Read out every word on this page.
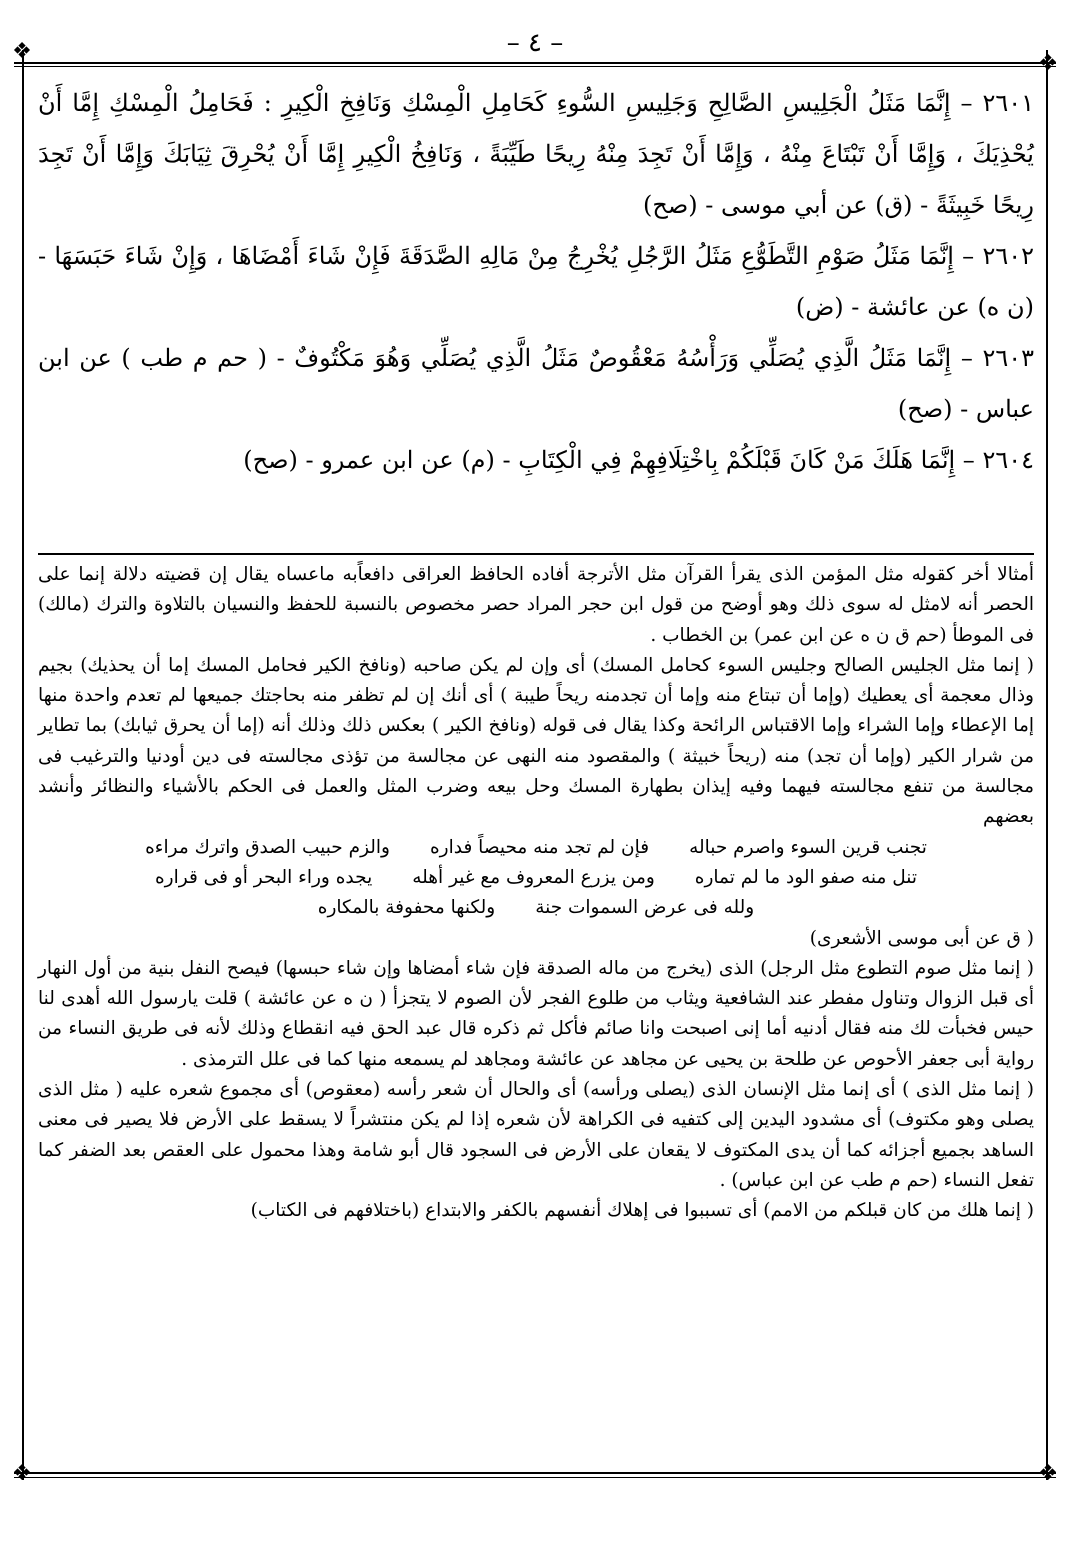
❖	❖
❖	❖
– ٤ –

٢٦٠١ – إِنَّمَا مَثَلُ الْجَلِيسِ الصَّالِحِ وَجَلِيسِ السُّوءِ كَحَامِلِ الْمِسْكِ وَنَافِخِ الْكِيرِ : فَحَامِلُ الْمِسْكِ إِمَّا أَنْ يُحْذِيَكَ ، وَإِمَّا أَنْ تَبْتَاعَ مِنْهُ ، وَإِمَّا أَنْ تَجِدَ مِنْهُ رِيحًا طَيِّبَةً ، وَنَافِخُ الْكِيرِ إِمَّا أَنْ يُحْرِقَ ثِيَابَكَ وَإِمَّا أَنْ تَجِدَ رِيحًا خَبِيثَةً - (ق) عن أبي موسى - (صح)

٢٦٠٢ – إِنَّمَا مَثَلُ صَوْمِ التَّطَوُّعِ مَثَلُ الرَّجُلِ يُخْرِجُ مِنْ مَالِهِ الصَّدَقَةَ فَإِنْ شَاءَ أَمْضَاهَا ، وَإِنْ شَاءَ حَبَسَهَا - (ن ه) عن عائشة - (ض)

٢٦٠٣ – إِنَّمَا مَثَلُ الَّذِي يُصَلِّي وَرَأْسُهُ مَعْقُوصٌ مَثَلُ الَّذِي يُصَلِّي وَهُوَ مَكْتُوفٌ - ( حم م طب ) عن ابن عباس - (صح)

٢٦٠٤ – إِنَّمَا هَلَكَ مَنْ كَانَ قَبْلَكُمْ بِاخْتِلَافِهِمْ فِي الْكِتَابِ - (م) عن ابن عمرو - (صح)

أمثالا أخر كقوله مثل المؤمن الذى يقرأ القرآن مثل الأترجة أفاده الحافظ العراقى دافعاًبه ماعساه يقال إن قضيته دلالة إنما على الحصر أنه لامثل له سوى ذلك وهو أوضح من قول ابن حجر المراد حصر مخصوص بالنسبة للحفظ والنسيان بالتلاوة والترك (مالك) فى الموطأ (حم ق ن ه عن ابن عمر) بن الخطاب .

( إنما مثل الجليس الصالح وجليس السوء كحامل المسك) أى وإن لم يكن صاحبه (ونافخ الكير فحامل المسك إما أن يحذيك) بجيم وذال معجمة أى يعطيك (وإما أن تبتاع منه وإما أن تجدمنه ريحاً طيبة ) أى أنك إن لم تظفر منه بحاجتك جميعها لم تعدم واحدة منها إما الإعطاء وإما الشراء وإما الاقتباس الرائحة وكذا يقال فى قوله (ونافخ الكير ) بعكس ذلك وذلك أنه (إما أن يحرق ثيابك) بما تطاير من شرار الكير (وإما أن تجد) منه (ريحاً خبيثة ) والمقصود منه النهى عن مجالسة من تؤذى مجالسته فى دين أودنيا والترغيب فى مجالسة من تنفع مجالسته فيهما وفيه إيذان بطهارة المسك وحل بيعه وضرب المثل والعمل فى الحكم بالأشياء والنظائر وأنشد بعضهم

تجنب قرين السوء واصرم حباله
فإن لم تجد منه محيصاً فداره
والزم حبيب الصدق واترك مراءه
تنل منه صفو الود ما لم تماره
ومن يزرع المعروف مع غير أهله
يجده وراء البحر أو فى قراره
ولله فى عرض السموات جنة
ولكنها محفوفة بالمكاره

( ق عن أبى موسى الأشعرى)

( إنما مثل صوم التطوع مثل الرجل) الذى (يخرج من ماله الصدقة فإن شاء أمضاها وإن شاء حبسها) فيصح النفل بنية من أول النهار أى قبل الزوال وتناول مفطر عند الشافعية ويثاب من طلوع الفجر لأن الصوم لا يتجزأ ( ن ه عن عائشة ) قلت يارسول الله أهدى لنا حيس فخبأت لك منه فقال أدنيه أما إنى اصبحت وانا صائم فأكل ثم ذكره قال عبد الحق فيه انقطاع وذلك لأنه فى طريق النساء من رواية أبى جعفر الأحوص عن طلحة بن يحيى عن مجاهد عن عائشة ومجاهد لم يسمعه منها كما فى علل الترمذى .

( إنما مثل الذى ) أى إنما مثل الإنسان الذى (يصلى ورأسه) أى والحال أن شعر رأسه (معقوص) أى مجموع شعره عليه ( مثل الذى يصلى وهو مكتوف) أى مشدود اليدين إلى كتفيه فى الكراهة لأن شعره إذا لم يكن منتشراً لا يسقط على الأرض فلا يصير فى معنى الساهد بجميع أجزائه كما أن يدى المكتوف لا يقعان على الأرض فى السجود قال أبو شامة وهذا محمول على العقص بعد الضفر كما تفعل النساء (حم م طب عن ابن عباس) .

( إنما هلك من كان قبلكم من الامم) أى تسببوا فى إهلاك أنفسهم بالكفر والابتداع (باختلافهم فى الكتاب)
